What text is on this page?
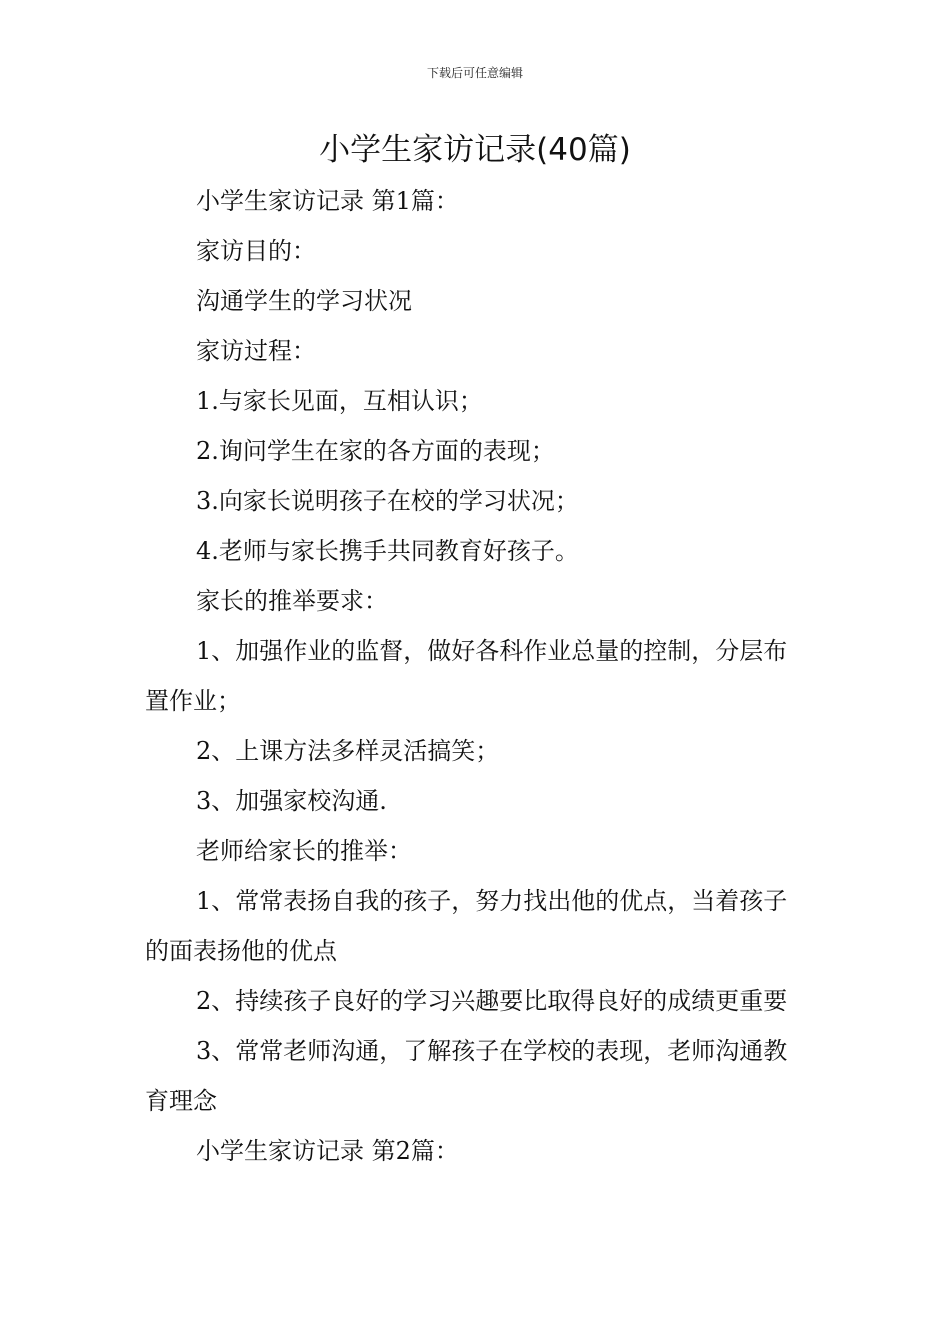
下载后可任意编辑
小学生家访记录(40篇)

小学生家访记录 第1篇：

家访目的：

沟通学生的学习状况

家访过程：

1.与家长见面，互相认识；

2.询问学生在家的各方面的表现；

3.向家长说明孩子在校的学习状况；

4.老师与家长携手共同教育好孩子。

家长的推举要求：

1、加强作业的监督，做好各科作业总量的控制，分层布置作业；

2、上课方法多样灵活搞笑；

3、加强家校沟通.

老师给家长的推举：

1、常常表扬自我的孩子，努力找出他的优点，当着孩子的面表扬他的优点

2、持续孩子良好的学习兴趣要比取得良好的成绩更重要

3、常常老师沟通，了解孩子在学校的表现，老师沟通教育理念

小学生家访记录 第2篇：
